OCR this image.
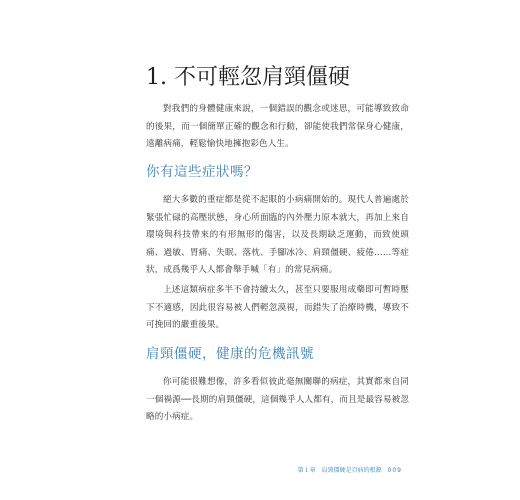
1. 不可輕忽肩頸僵硬

對我們的身體健康來說，一個錯誤的觀念或迷思，可能導致致命的後果，而一個簡單正確的觀念和行動，卻能使我們常保身心健康，遠離病痛，輕鬆愉快地擁抱彩色人生。

你有這些症狀嗎？

絕大多數的重症都是從不起眼的小病痛開始的。現代人普遍處於緊張忙碌的高壓狀態，身心所面臨的內外壓力原本就大，再加上來自環境與科技帶來的有形無形的傷害，以及長期缺乏運動，而致使頭痛、過敏、胃痛、失眠、落枕、手腳冰冷、肩頸僵硬、疲倦……等症狀，成爲幾乎人人都會舉手喊「有」的常見病痛。

上述這類病症多半不會持續太久，甚至只要服用成藥即可暫時壓下不適感，因此很容易被人們輕忽漠視，而錯失了治療時機，導致不可挽回的嚴重後果。

肩頸僵硬，健康的危機訊號

你可能很難想像，許多看似彼此毫無關聯的病症，其實都來自同一個禍源──長期的肩頸僵硬，這個幾乎人人都有，而且是最容易被忽略的小病症。

第１章 肩頸僵硬是百病的根源 009
